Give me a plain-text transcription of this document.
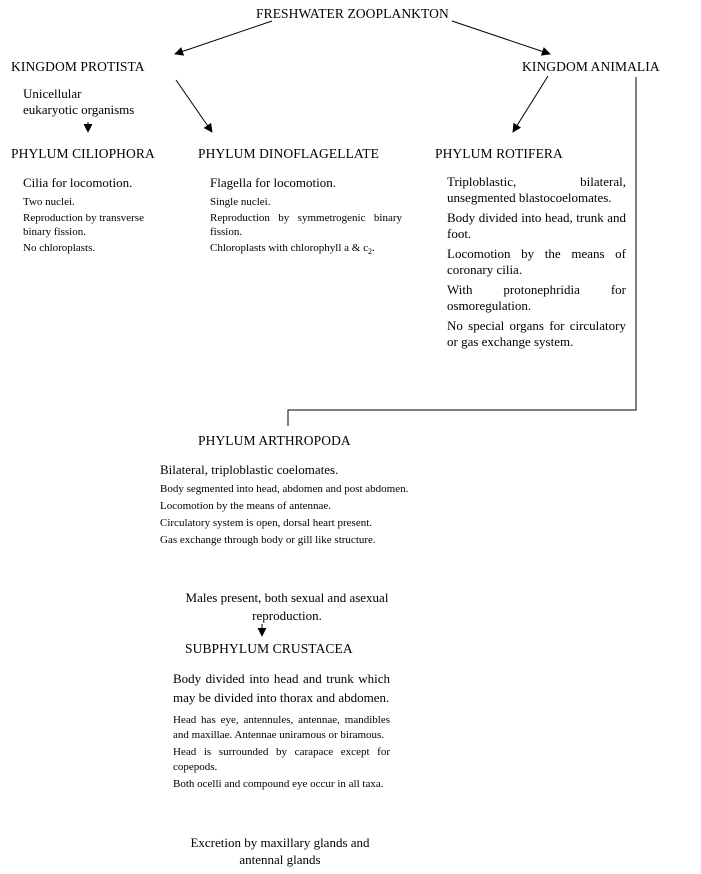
FRESHWATER ZOOPLANKTON
KINGDOM PROTISTA
Unicellular
eukaryotic organisms
KINGDOM ANIMALIA
PHYLUM CILIOPHORA
Cilia for locomotion.
Two nuclei.
Reproduction by transverse binary fission.
No chloroplasts.
PHYLUM DINOFLAGELLATE
Flagella for locomotion.
Single nuclei.
Reproduction by symmetrogenic binary fission.
Chloroplasts with chlorophyll a & $c_2$.
PHYLUM ROTIFERA
Triploblastic, bilateral, unsegmented blastocoelomates.
Body divided into head, trunk and foot.
Locomotion by the means of coronary cilia.
With protonephridia for osmoregulation.
No special organs for circulatory or gas exchange system.
PHYLUM ARTHROPODA
Bilateral, triploblastic coelomates.
Body segmented into head, abdomen and post abdomen.
Locomotion by the means of antennae.
Circulatory system is open, dorsal heart present.
Gas exchange through body or gill like structure.
Males present, both sexual and asexual reproduction.
SUBPHYLUM CRUSTACEA
Body divided into head and trunk which may be divided into thorax and abdomen.
Head has eye, antennules, antennae, mandibles and maxillae. Antennae uniramous or biramous.
Head is surrounded by carapace except for copepods.
Both ocelli and compound eye occur in all taxa.
Excretion by maxillary glands and antennal glands
